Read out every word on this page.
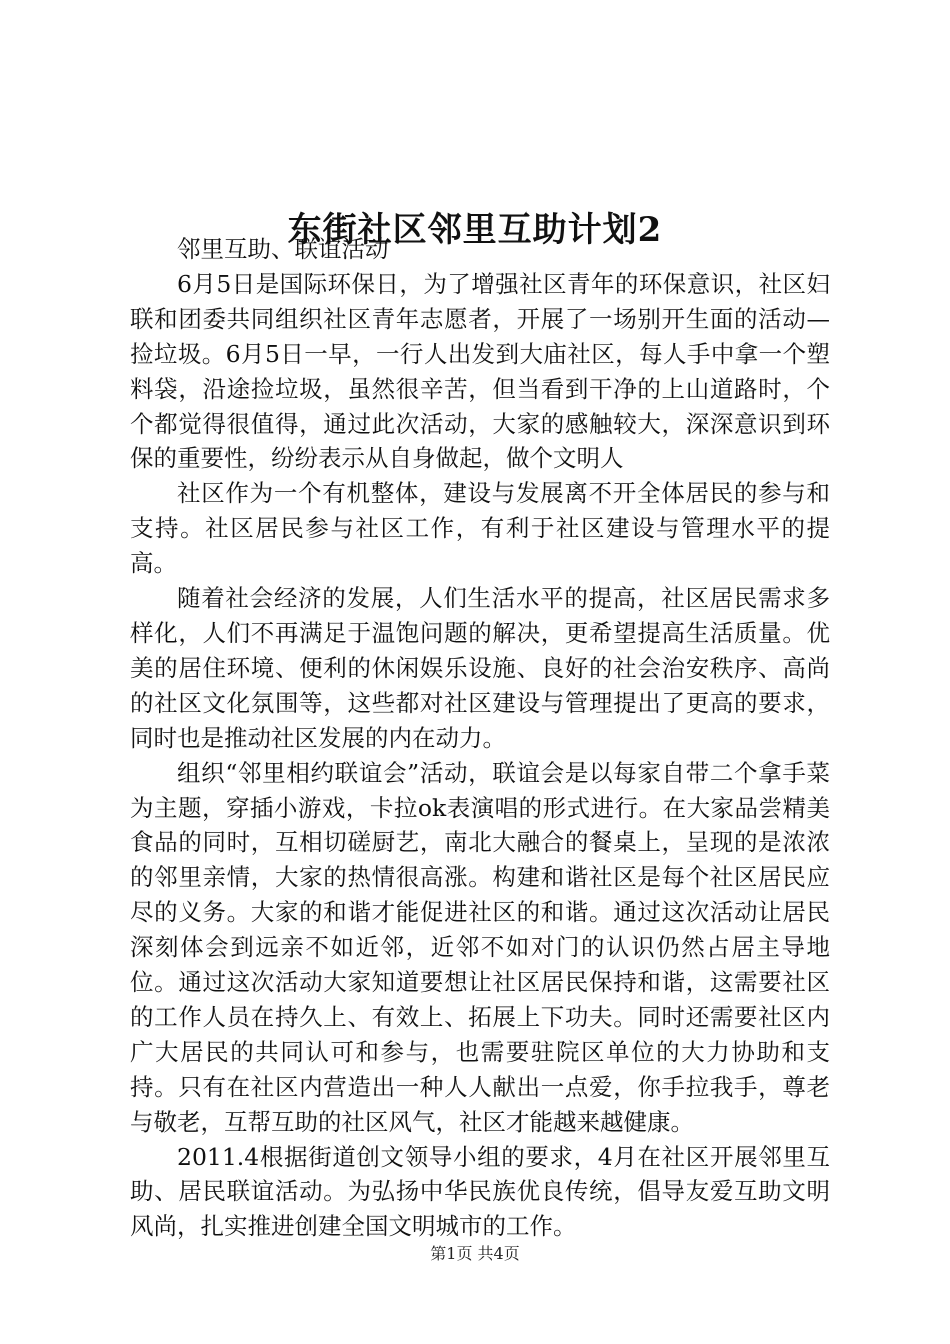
东街社区邻里互助计划2

邻里互助、联谊活动

6月5日是国际环保日，为了增强社区青年的环保意识，社区妇联和团委共同组织社区青年志愿者，开展了一场别开生面的活动—捡垃圾。6月5日一早，一行人出发到大庙社区，每人手中拿一个塑料袋，沿途捡垃圾，虽然很辛苦，但当看到干净的上山道路时，个个都觉得很值得，通过此次活动，大家的感触较大，深深意识到环保的重要性，纷纷表示从自身做起，做个文明人

社区作为一个有机整体，建设与发展离不开全体居民的参与和支持。社区居民参与社区工作，有利于社区建设与管理水平的提高。

随着社会经济的发展，人们生活水平的提高，社区居民需求多样化，人们不再满足于温饱问题的解决，更希望提高生活质量。优美的居住环境、便利的休闲娱乐设施、良好的社会治安秩序、高尚的社区文化氛围等，这些都对社区建设与管理提出了更高的要求，同时也是推动社区发展的内在动力。

组织“邻里相约联谊会”活动，联谊会是以每家自带二个拿手菜为主题，穿插小游戏，卡拉ok表演唱的形式进行。在大家品尝精美食品的同时，互相切磋厨艺，南北大融合的餐桌上，呈现的是浓浓的邻里亲情，大家的热情很高涨。构建和谐社区是每个社区居民应尽的义务。大家的和谐才能促进社区的和谐。通过这次活动让居民深刻体会到远亲不如近邻，近邻不如对门的认识仍然占居主导地位。通过这次活动大家知道要想让社区居民保持和谐，这需要社区的工作人员在持久上、有效上、拓展上下功夫。同时还需要社区内广大居民的共同认可和参与，也需要驻院区单位的大力协助和支持。只有在社区内营造出一种人人献出一点爱，你手拉我手，尊老与敬老，互帮互助的社区风气，社区才能越来越健康。

2011.4根据街道创文领导小组的要求，4月在社区开展邻里互助、居民联谊活动。为弘扬中华民族优良传统，倡导友爱互助文明风尚，扎实推进创建全国文明城市的工作。

第1页 共4页
